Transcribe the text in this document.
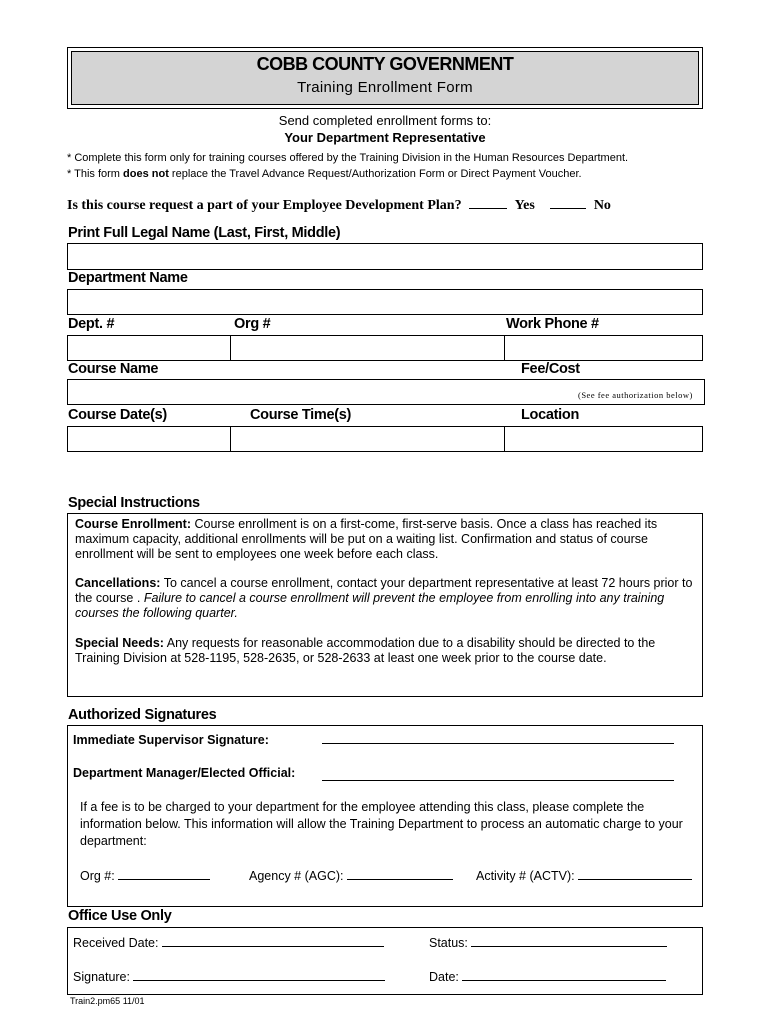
COBB COUNTY GOVERNMENT
Training Enrollment Form
Send completed enrollment forms to:
Your Department Representative
* Complete this form only for training courses offered by the Training Division in the Human Resources Department.
* This form does not replace the Travel Advance Request/Authorization Form or Direct Payment Voucher.
Is this course request a part of your Employee Development Plan?	Yes	No
Print Full Legal Name (Last, First, Middle)
Department Name
Dept. #	Org #	Work Phone #
Course Name	Fee/Cost
(See fee authorization below)
Course Date(s)	Course Time(s)	Location
Special Instructions
Course Enrollment: Course enrollment is on a first-come, first-serve basis. Once a class has reached its maximum capacity, additional enrollments will be put on a waiting list. Confirmation and status of course enrollment will be sent to employees one week before each class.
Cancellations: To cancel a course enrollment, contact your department representative at least 72 hours prior to the course . Failure to cancel a course enrollment will prevent the employee from enrolling into any training courses the following quarter.
Special Needs: Any requests for reasonable accommodation due to a disability should be directed to the Training Division at 528-1195, 528-2635, or 528-2633 at least one week prior to the course date.
Authorized Signatures
Immediate Supervisor Signature:
Department Manager/Elected Official:
If a fee is to be charged to your department for the employee attending this class, please complete the information below. This information will allow the Training Department to process an automatic charge to your department:
Org #:	Agency # (AGC):	Activity # (ACTV):
Office Use Only
Received Date:	Status:
Signature:	Date:
Train2.pm65 11/01
